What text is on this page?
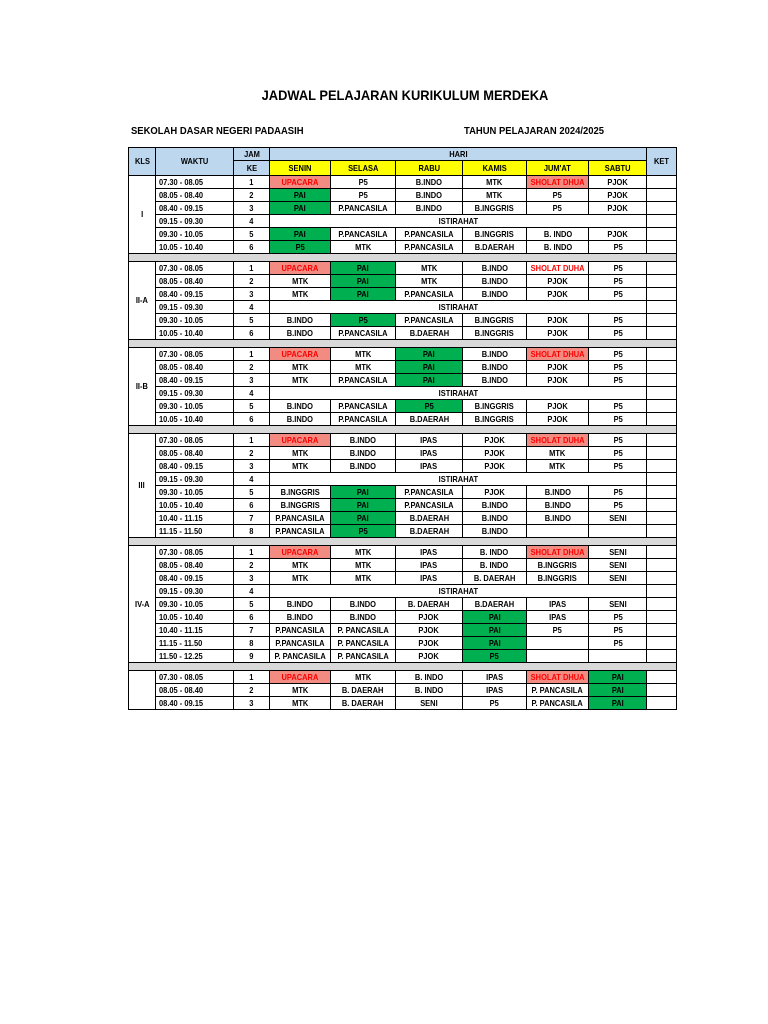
JADWAL PELAJARAN KURIKULUM MERDEKA
SEKOLAH DASAR NEGERI PADAASIH	TAHUN PELAJARAN 2024/2025
KLS	WAKTU	JAM	HARI						KET
		KE	SENIN	SELASA	RABU	KAMIS	JUM'AT	SABTU	
I	07.30 - 08.05	1	UPACARA	P5	B.INDO	MTK	SHOLAT DHUA	PJOK	
	08.05 - 08.40	2	PAI	P5	B.INDO	MTK	P5	PJOK	
	08.40 - 09.15	3	PAI	P.PANCASILA	B.INDO	B.INGGRIS	P5	PJOK	
	09.15 - 09.30	4	ISTIRAHAT						
	09.30 - 10.05	5	PAI	P.PANCASILA	P.PANCASILA	B.INGGRIS	B. INDO	PJOK	
	10.05 - 10.40	6	P5	MTK	P.PANCASILA	B.DAERAH	B. INDO	P5	

II-A	07.30 - 08.05	1	UPACARA	PAI	MTK	B.INDO	SHOLAT DUHA	P5	
	08.05 - 08.40	2	MTK	PAI	MTK	B.INDO	PJOK	P5	
	08.40 - 09.15	3	MTK	PAI	P.PANCASILA	B.INDO	PJOK	P5	
	09.15 - 09.30	4	ISTIRAHAT						
	09.30 - 10.05	5	B.INDO	P5	P.PANCASILA	B.INGGRIS	PJOK	P5	
	10.05 - 10.40	6	B.INDO	P.PANCASILA	B.DAERAH	B.INGGRIS	PJOK	P5	

II-B	07.30 - 08.05	1	UPACARA	MTK	PAI	B.INDO	SHOLAT DHUA	P5	
	08.05 - 08.40	2	MTK	MTK	PAI	B.INDO	PJOK	P5	
	08.40 - 09.15	3	MTK	P.PANCASILA	PAI	B.INDO	PJOK	P5	
	09.15 - 09.30	4	ISTIRAHAT						
	09.30 - 10.05	5	B.INDO	P.PANCASILA	P5	B.INGGRIS	PJOK	P5	
	10.05 - 10.40	6	B.INDO	P.PANCASILA	B.DAERAH	B.INGGRIS	PJOK	P5	

III	07.30 - 08.05	1	UPACARA	B.INDO	IPAS	PJOK	SHOLAT DUHA	P5	
	08.05 - 08.40	2	MTK	B.INDO	IPAS	PJOK	MTK	P5	
	08.40 - 09.15	3	MTK	B.INDO	IPAS	PJOK	MTK	P5	
	09.15 - 09.30	4	ISTIRAHAT						
	09.30 - 10.05	5	B.INGGRIS	PAI	P.PANCASILA	PJOK	B.INDO	P5	
	10.05 - 10.40	6	B.INGGRIS	PAI	P.PANCASILA	B.INDO	B.INDO	P5	
	10.40 - 11.15	7	P.PANCASILA	PAI	B.DAERAH	B.INDO	B.INDO	SENI	
	11.15 - 11.50	8	P.PANCASILA	P5	B.DAERAH	B.INDO			

IV-A	07.30 - 08.05	1	UPACARA	MTK	IPAS	B. INDO	SHOLAT DHUA	SENI	
	08.05 - 08.40	2	MTK	MTK	IPAS	B. INDO	B.INGGRIS	SENI	
	08.40 - 09.15	3	MTK	MTK	IPAS	B. DAERAH	B.INGGRIS	SENI	
	09.15 - 09.30	4	ISTIRAHAT						
	09.30 - 10.05	5	B.INDO	B.INDO	B. DAERAH	B.DAERAH	IPAS	SENI	
	10.05 - 10.40	6	B.INDO	B.INDO	PJOK	PAI	IPAS	P5	
	10.40 - 11.15	7	P.PANCASILA	P. PANCASILA	PJOK	PAI	P5	P5	
	11.15 - 11.50	8	P.PANCASILA	P. PANCASILA	PJOK	PAI		P5	
	11.50 - 12.25	9	P. PANCASILA	P. PANCASILA	PJOK	P5			

	07.30 - 08.05	1	UPACARA	MTK	B. INDO	IPAS	SHOLAT DHUA	PAI	
	08.05 - 08.40	2	MTK	B. DAERAH	B. INDO	IPAS	P. PANCASILA	PAI	
	08.40 - 09.15	3	MTK	B. DAERAH	SENI	P5	P. PANCASILA	PAI	
